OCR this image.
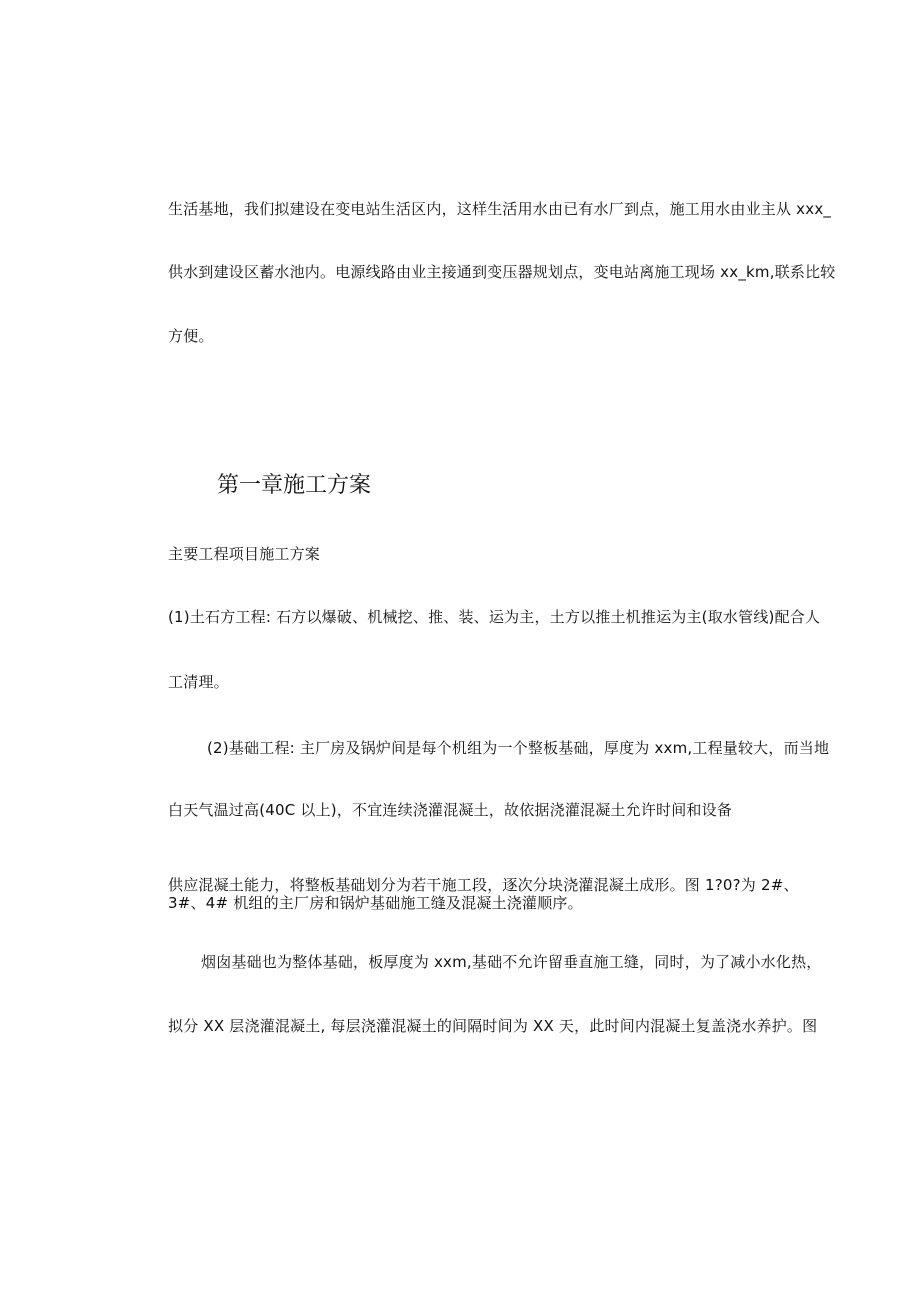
生活基地，我们拟建设在变电站生活区内，这样生活用水由已有水厂到点，施工用水由业主从 xxx_
供水到建设区蓄水池内。电源线路由业主接通到变压器规划点，变电站离施工现场 xx_km,联系比较
方便。
第一章施工方案
主要工程项目施工方案
(1)土石方工程: 石方以爆破、机械挖、推、装、运为主，土方以推土机推运为主(取水管线)配合人
工清理。
(2)基础工程: 主厂房及锅炉间是每个机组为一个整板基础，厚度为 xxm,工程量较大，而当地
白天气温过高(40C 以上)，不宜连续浇灌混凝土，故依据浇灌混凝土允许时间和设备
供应混凝土能力，将整板基础划分为若干施工段，逐次分块浇灌混凝土成形。图 1?0?为 2#、3#、4# 机组的主厂房和锅炉基础施工缝及混凝土浇灌顺序。
烟囱基础也为整体基础，板厚度为 xxm,基础不允许留垂直施工缝，同时，为了减小水化热，
拟分 XX 层浇灌混凝土, 每层浇灌混凝土的间隔时间为 XX 天，此时间内混凝土复盖浇水养护。图
